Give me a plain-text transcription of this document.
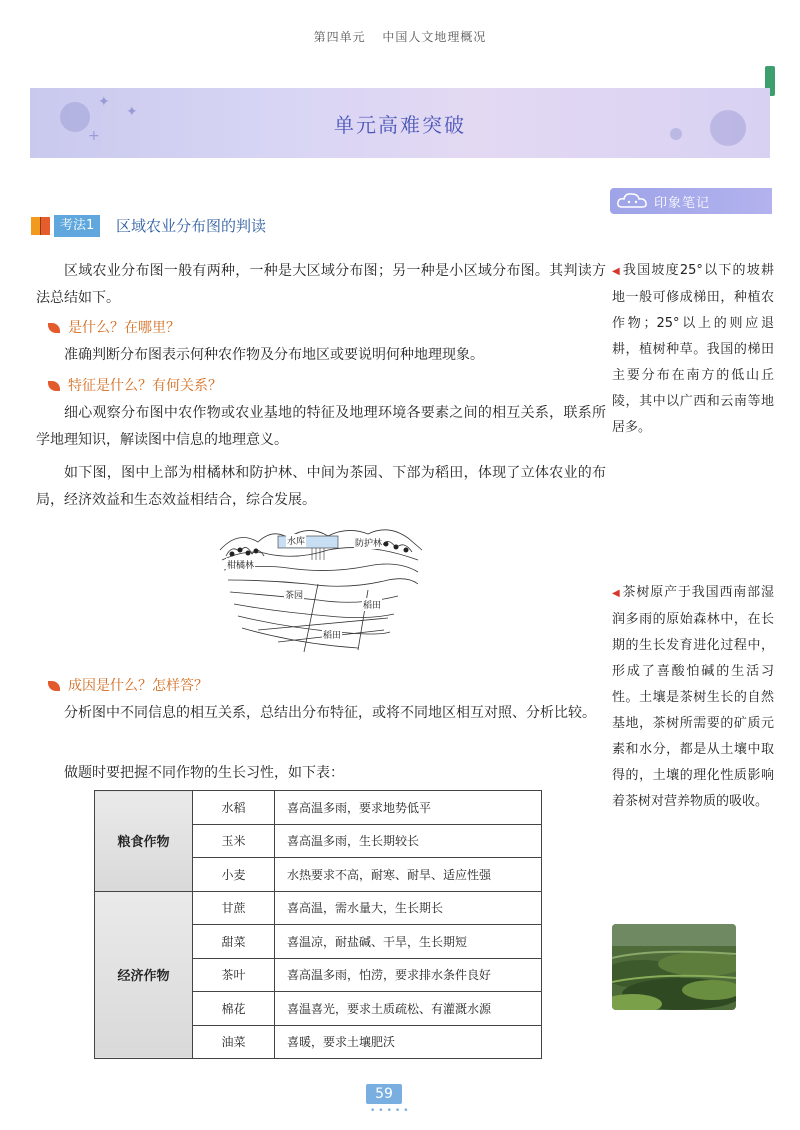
第四单元 中国人文地理概况
✦
✦
+	单元高难突破
印象笔记
考法1	区域农业分布图的判读
区域农业分布图一般有两种，一种是大区域分布图；另一种是小区域分布图。其判读方法总结如下。
是什么？在哪里？
准确判断分布图表示何种农作物及分布地区或要说明何种地理现象。
特征是什么？有何关系？
细心观察分布图中农作物或农业基地的特征及地理环境各要素之间的相互关系，联系所学地理知识，解读图中信息的地理意义。
如下图，图中上部为柑橘林和防护林、中间为茶园、下部为稻田，体现了立体农业的布局，经济效益和生态效益相结合，综合发展。
水库	防护林
柑橘林
茶园
稻田
稻田
成因是什么？怎样答？
分析图中不同信息的相互关系，总结出分布特征，或将不同地区相互对照、分析比较。
做题时要把握不同作物的生长习性，如下表：
粮食作物	水稻	喜高温多雨，要求地势低平
	玉米	喜高温多雨，生长期较长
	小麦	水热要求不高，耐寒、耐旱、适应性强
经济作物	甘蔗	喜高温，需水量大，生长期长
	甜菜	喜温凉，耐盐碱、干旱，生长期短
	茶叶	喜高温多雨，怕涝，要求排水条件良好
	棉花	喜温喜光，要求土质疏松、有灌溉水源
	油菜	喜暖，要求土壤肥沃
◀ 我国坡度25°以下的坡耕地一般可修成梯田，种植农作物；25°以上的则应退耕，植树种草。我国的梯田主要分布在南方的低山丘陵，其中以广西和云南等地居多。
◀ 茶树原产于我国西南部湿润多雨的原始森林中，在长期的生长发育进化过程中，形成了喜酸怕碱的生活习性。土壤是茶树生长的自然基地，茶树所需要的矿质元素和水分，都是从土壤中取得的，土壤的理化性质影响着茶树对营养物质的吸收。
59
•••••
